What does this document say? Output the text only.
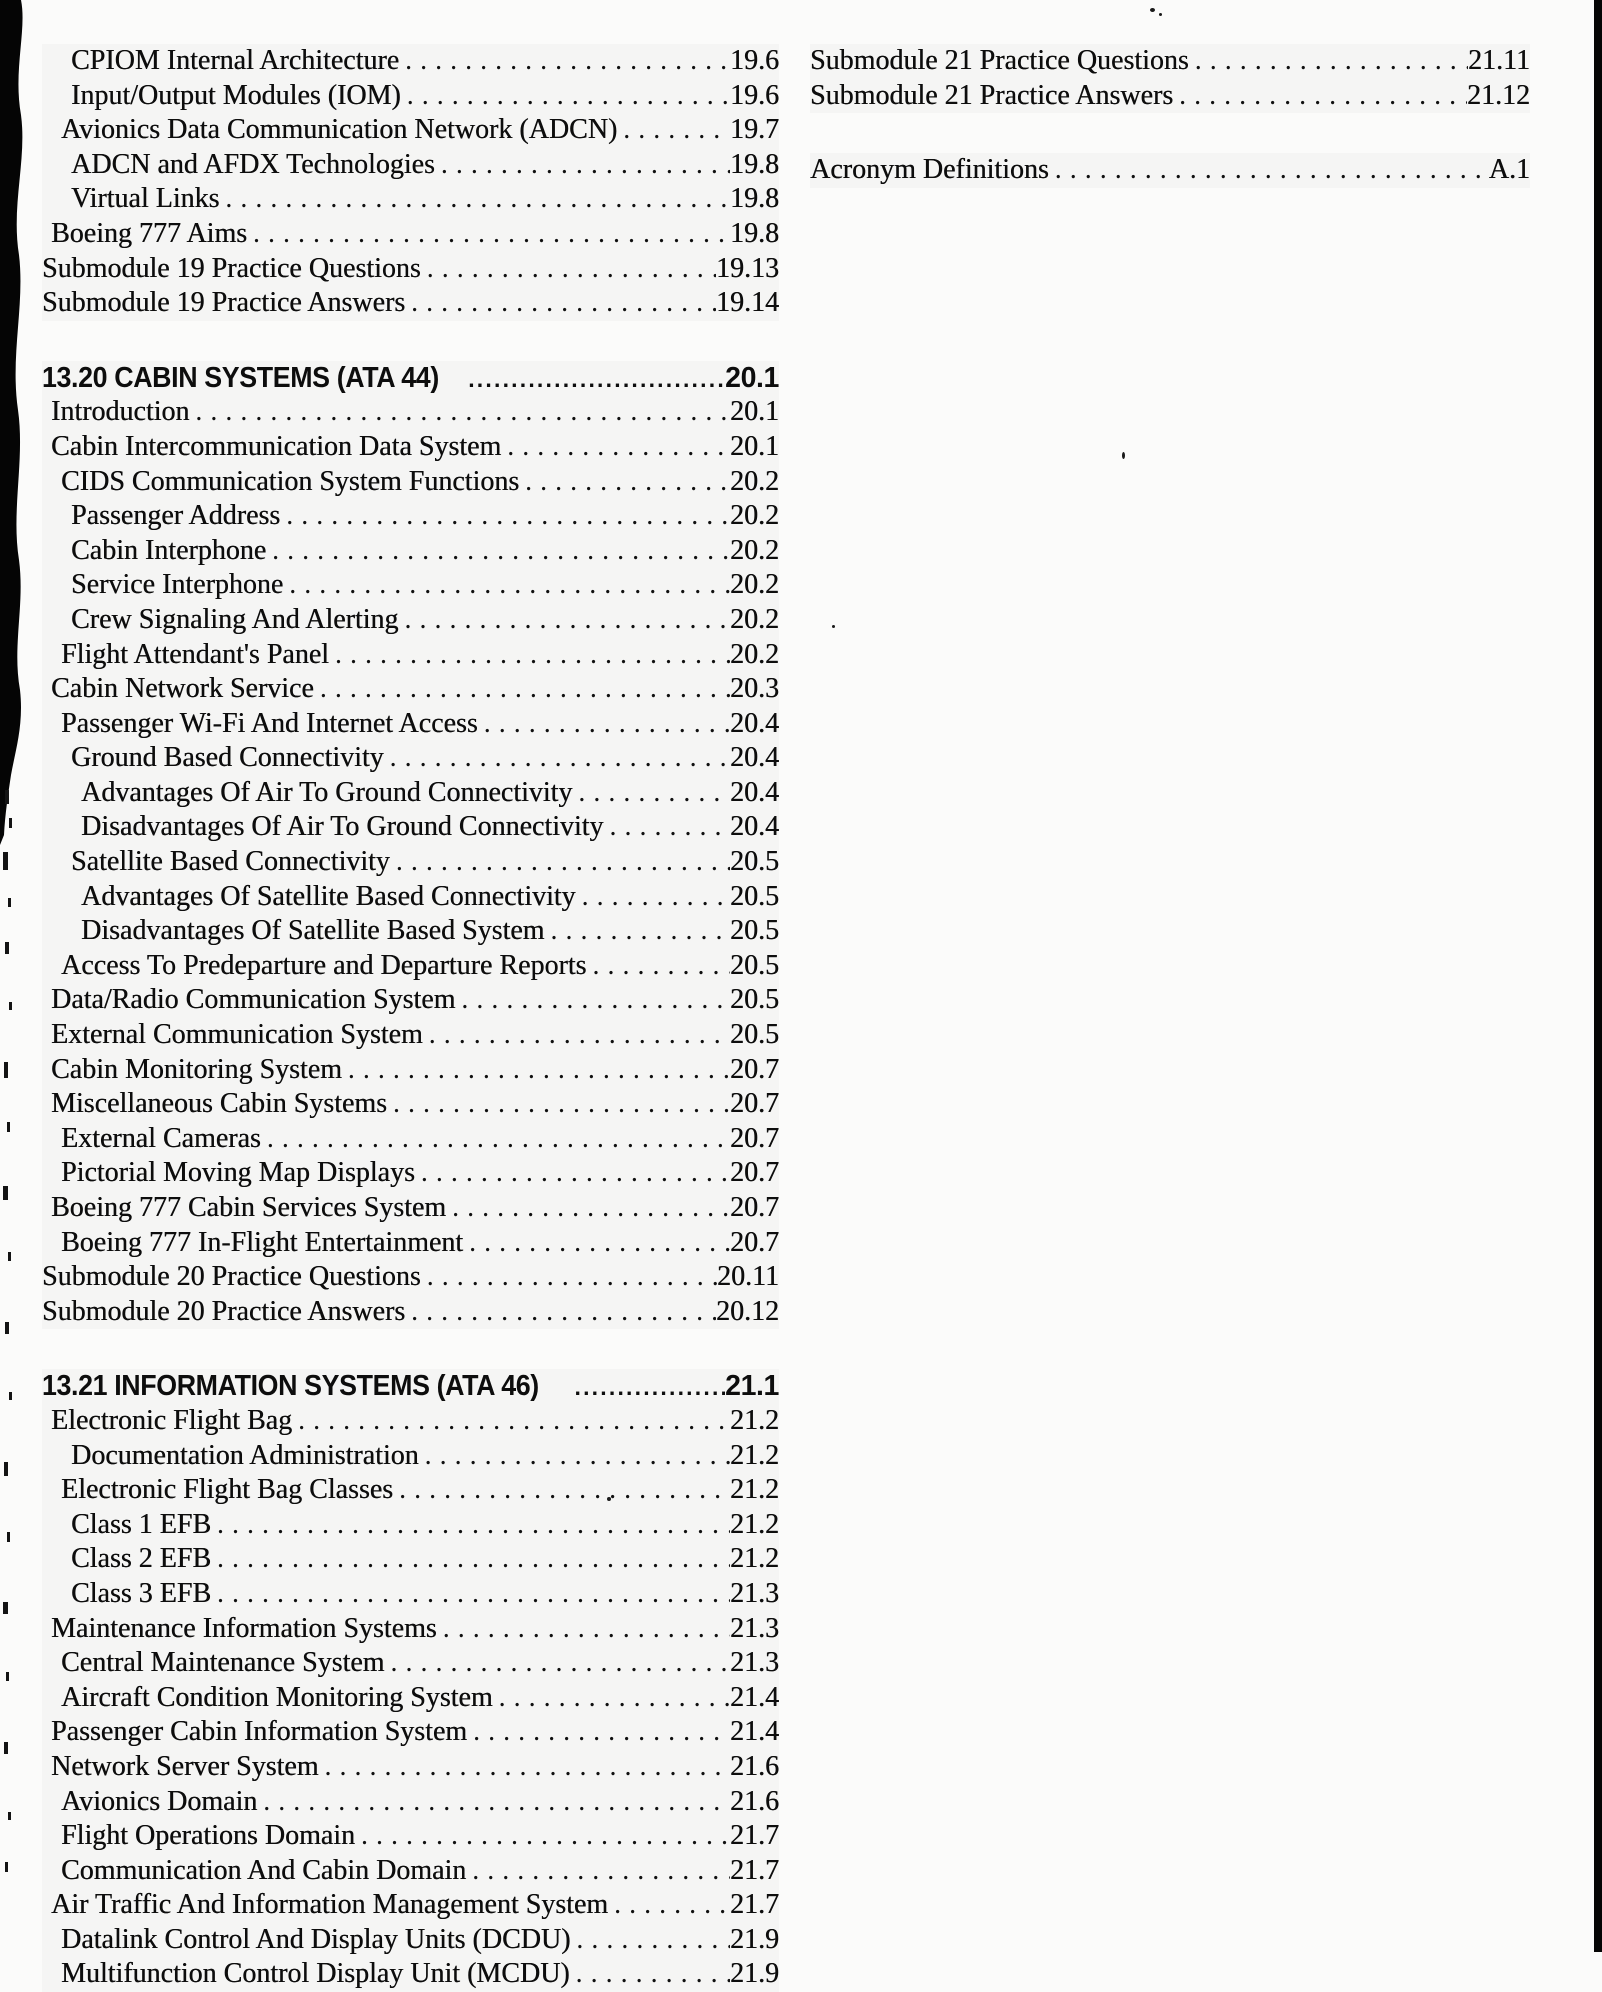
CPIOM Internal Architecture . . .	19.6
Input/Output Modules (IOM) . . .	19.6
Avionics Data Communication Network (ADCN) . . .	19.7
ADCN and AFDX Technologies . . .	19.8
Virtual Links . . .	19.8
Boeing 777 Aims . . .	19.8
Submodule 19 Practice Questions . . .	19.13
Submodule 19 Practice Answers . . .	19.14
13.20 CABIN SYSTEMS (ATA 44) .....	20.1
Introduction . . .	20.1
Cabin Intercommunication Data System . . .	20.1
CIDS Communication System Functions . . .	20.2
Passenger Address . . .	20.2
Cabin Interphone . . .	20.2
Service Interphone . . .	20.2
Crew Signaling And Alerting . . .	20.2
Flight Attendant's Panel . . .	20.2
Cabin Network Service . . .	20.3
Passenger Wi-Fi And Internet Access . . .	20.4
Ground Based Connectivity . . .	20.4
Advantages Of Air To Ground Connectivity . . .	20.4
Disadvantages Of Air To Ground Connectivity . . .	20.4
Satellite Based Connectivity . . .	20.5
Advantages Of Satellite Based Connectivity . . .	20.5
Disadvantages Of Satellite Based System . . .	20.5
Access To Predeparture and Departure Reports . . .	20.5
Data/Radio Communication System . . .	20.5
External Communication System . . .	20.5
Cabin Monitoring System . . .	20.7
Miscellaneous Cabin Systems . . .	20.7
External Cameras . . .	20.7
Pictorial Moving Map Displays . . .	20.7
Boeing 777 Cabin Services System . . .	20.7
Boeing 777 In-Flight Entertainment . . .	20.7
Submodule 20 Practice Questions . . .	20.11
Submodule 20 Practice Answers . . .	20.12
13.21 INFORMATION SYSTEMS (ATA 46) .....	21.1
Electronic Flight Bag . . .	21.2
Documentation Administration . . .	21.2
Electronic Flight Bag Classes . . .	21.2
Class 1 EFB . . .	21.2
Class 2 EFB . . .	21.2
Class 3 EFB . . .	21.3
Maintenance Information Systems . . .	21.3
Central Maintenance System . . .	21.3
Aircraft Condition Monitoring System . . .	21.4
Passenger Cabin Information System . . .	21.4
Network Server System . . .	21.6
Avionics Domain . . .	21.6
Flight Operations Domain . . .	21.7
Communication And Cabin Domain . . .	21.7
Air Traffic And Information Management System . . .	21.7
Datalink Control And Display Units (DCDU) . . .	21.9
Multifunction Control Display Unit (MCDU) . . .	21.9
Submodule 21 Practice Questions . . .	21.11
Submodule 21 Practice Answers . . .	21.12
Acronym Definitions . . .	A.1
